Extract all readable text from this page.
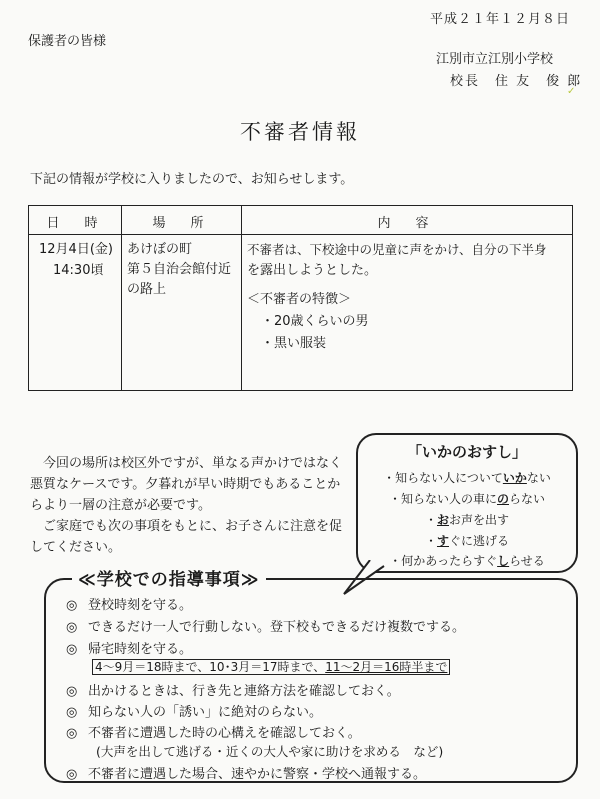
平成２１年１２月８日
保護者の皆様
江別市立江別小学校
校長　住 友　俊 郎
✓
不審者情報
下記の情報が学校に入りましたので、お知らせします。
日　時	場　所	内　容
12月4日(金)
14:30頃
あけぼの町
第５自治会館付近
の路上
不審者は、下校途中の児童に声をかけ、自分の下半身
を露出しようとした。
＜不審者の特徴＞
・20歳くらいの男
・黒い服装
　今回の場所は校区外ですが、単なる声かけではなく
悪質なケースです。夕暮れが早い時期でもあることか
らより一層の注意が必要です。
　ご家庭でも次の事項をもとに、お子さんに注意を促
してください。
「いかのおすし」
・知らない人についていかない
・知らない人の車にのらない
・おお声を出す
・すぐに逃げる
・何かあったらすぐしらせる
≪学校での指導事項≫
◎ 登校時刻を守る。
◎ できるだけ一人で行動しない。登下校もできるだけ複数でする。
◎ 帰宅時刻を守る。
4～9月＝18時まで、10･3月＝17時まで、11～2月＝16時半まで
◎ 出かけるときは、行き先と連絡方法を確認しておく。
◎ 知らない人の「誘い」に絶対のらない。
◎ 不審者に遭遇した時の心構えを確認しておく。
(大声を出して逃げる・近くの大人や家に助けを求める　など)
◎ 不審者に遭遇した場合、速やかに警察・学校へ通報する。
